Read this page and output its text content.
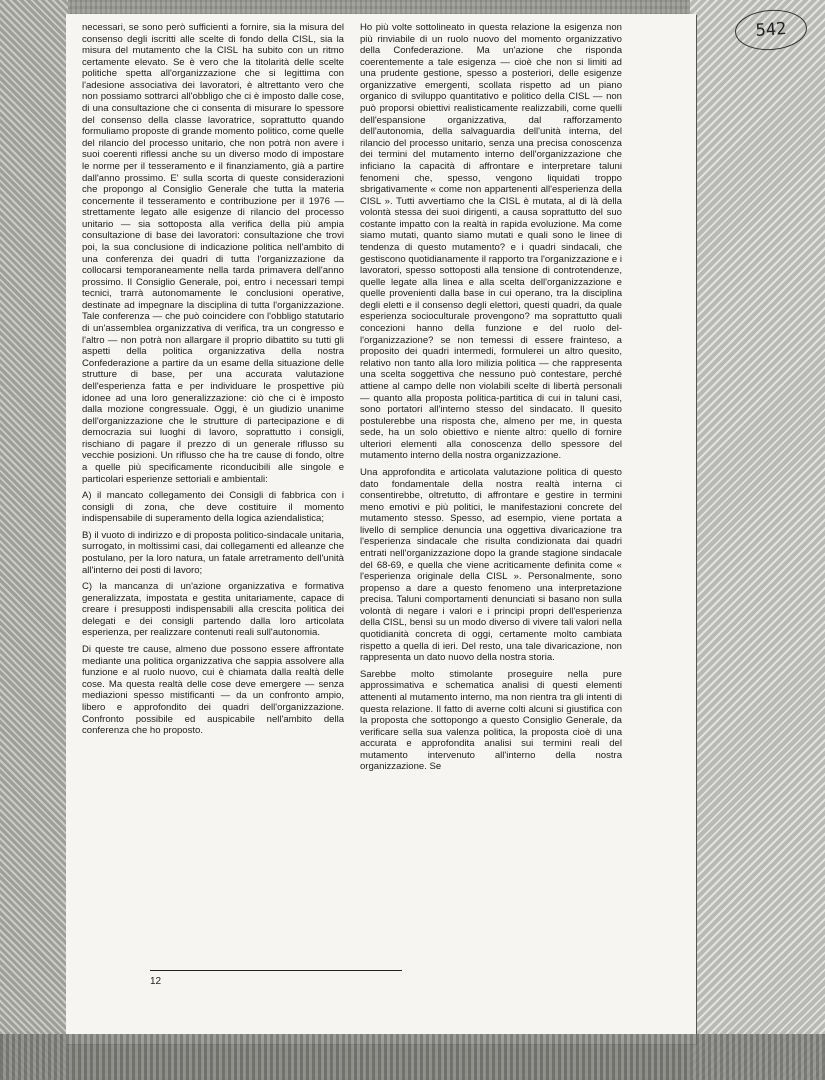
542

necessari, se sono però sufficienti a fornire, sia la misura del consenso degli iscritti alle scelte di fondo della CISL, sia la misura del mutamento che la CISL ha subito con un ritmo certamente elevato. Se è vero che la titolarità delle scelte politiche spetta all'organizzazione che si legittima con l'adesione associativa dei lavoratori, è altrettanto vero che non possiamo sottrarci all'obbligo che ci è imposto dalle cose, di una consultazione che ci consenta di misurare lo spessore del consenso della classe lavoratrice, soprattutto quando formuliamo proposte di grande momento politico, come quelle del rilancio del processo unitario, che non potrà non avere i suoi coerenti riflessi anche su un diverso modo di impostare le norme per il tesseramento e il finanziamento, già a partire dall'anno prossimo. E' sulla scorta di queste considerazioni che propongo al Consiglio Generale che tutta la materia concernente il tesseramento e contribuzione per il 1976 — strettamente legato alle esigenze di rilancio del processo unitario — sia sottoposta alla verifica della più ampia consultazione di base dei lavoratori: consultazione che trovi poi, la sua conclusione di indicazione politica nell'ambito di una conferenza dei quadri di tutta l'organizzazione da collocarsi temporaneamente nella tarda primavera dell'anno prossimo. Il Consiglio Generale, poi, entro i necessari tempi tecnici, trarrà autonomamente le conclusioni operative, destinate ad impegnare la disciplina di tutta l'organizzazione. Tale conferenza — che può coincidere con l'obbligo statutario di un'assemblea organizzativa di verifica, tra un congresso e l'altro — non potrà non allargare il proprio dibattito su tutti gli aspetti della politica organizzativa della nostra Confederazione a partire da un esame della situazione delle strutture di base, per una accurata valutazione dell'esperienza fatta e per individuare le prospettive più idonee ad una loro generalizzazione: ciò che ci è imposto dalla mozione congressuale. Oggi, è un giudizio unanime dell'organizzazione che le strutture di partecipazione e di democrazia sui luoghi di lavoro, soprattutto i consigli, rischiano di pagare il prezzo di un generale riflusso su vecchie posizioni. Un riflusso che ha tre cause di fondo, oltre a quelle più specificamente riconducibili alle singole e particolari esperienze settoriali e ambientali:

A) il mancato collegamento dei Consigli di fabbrica con i consigli di zona, che deve costituire il momento indispensabile di superamento della logica aziendalistica;

B) il vuoto di indirizzo e di proposta politico-sindacale unitaria, surrogato, in moltissimi casi, dai collegamenti ed alleanze che postulano, per la loro natura, un fatale arretramento dell'unità all'interno dei posti di lavoro;

C) la mancanza di un'azione organizzativa e formativa generalizzata, impostata e gestita unitariamente, capace di creare i presupposti indispensabili alla crescita politica dei delegati e dei consigli partendo dalla loro articolata esperienza, per realizzare contenuti reali sull'autonomia.

Di queste tre cause, almeno due possono essere affrontate mediante una politica organizzativa che sappia assolvere alla funzione e al ruolo nuovo, cui è chiamata dalla realtà delle cose. Ma questa realtà delle cose deve emergere — senza mediazioni spesso mistificanti — da un confronto ampio, libero e approfondito dei quadri dell'organizzazione. Confronto possibile ed auspicabile nell'ambito della conferenza che ho proposto.

Ho più volte sottolineato in questa relazione la esigenza non più rinviabile di un ruolo nuovo del momento organizzativo della Confederazione. Ma un'azione che risponda coerentemente a tale esigenza — cioè che non si limiti ad una prudente gestione, spesso a posteriori, delle esigenze organizzative emergenti, scollata rispetto ad un piano organico di sviluppo quantitativo e politico della CISL — non può proporsi obiettivi realisticamente realizzabili, come quelli dell'espansione organizzativa, dal rafforzamento dell'autonomia, della salvaguardia dell'unità interna, del rilancio del processo unitario, senza una precisa conoscenza dei termini del mutamento interno dell'organizzazione che inficiano la capacità di affrontare e interpretare taluni fenomeni che, spesso, vengono liquidati troppo sbrigativamente « come non appartenenti all'esperienza della CISL ». Tutti avvertiamo che la CISL è mutata, al di là della volontà stessa dei suoi dirigenti, a causa soprattutto del suo costante impatto con la realtà in rapida evoluzione. Ma come siamo mutati, quanto siamo mutati e quali sono le linee di tendenza di questo mutamento? e i quadri sindacali, che gestiscono quotidianamente il rapporto tra l'organizzazione e i lavoratori, spesso sottoposti alla tensione di controtendenze, quelle legate alla linea e alla scelta dell'organizzazione e quelle provenienti dalla base in cui operano, tra la disciplina degli eletti e il consenso degli elettori, questi quadri, da quale esperienza socioculturale provengono? ma soprattutto quali concezioni hanno della funzione e del ruolo del-l'organizzazione? se non temessi di essere frainteso, a proposito dei quadri intermedi, formulerei un altro quesito, relativo non tanto alla loro milizia politica — che rappresenta una scelta soggettiva che nessuno può contestare, perché attiene al campo delle non violabili scelte di libertà personali — quanto alla proposta politica-partitica di cui in taluni casi, sono portatori all'interno stesso del sindacato. Il quesito postulerebbe una risposta che, almeno per me, in questa sede, ha un solo obiettivo e niente altro: quello di fornire ulteriori elementi alla conoscenza dello spessore del mutamento interno della nostra organizzazione.

Una approfondita e articolata valutazione politica di questo dato fondamentale della nostra realtà interna ci consentirebbe, oltretutto, di affrontare e gestire in termini meno emotivi e più politici, le manifestazioni concrete del mutamento stesso. Spesso, ad esempio, viene portata a livello di semplice denuncia una oggettiva divaricazione tra l'esperienza sindacale che risulta condizionata dai quadri entrati nell'organizzazione dopo la grande stagione sindacale del 68-69, e quella che viene acriticamente definita come « l'esperienza originale della CISL ». Personalmente, sono propenso a dare a questo fenomeno una interpretazione precisa. Taluni comportamenti denunciati si basano non sulla volontà di negare i valori e i principi propri dell'esperienza della CISL, bensì su un modo diverso di vivere tali valori nella quotidianità concreta di oggi, certamente molto cambiata rispetto a quella di ieri. Del resto, una tale divaricazione, non rappresenta un dato nuovo della nostra storia.

Sarebbe molto stimolante proseguire nella pure approssimativa e schematica analisi di questi elementi attenenti al mutamento interno, ma non rientra tra gli intenti di questa relazione. Il fatto di averne colti alcuni si giustifica con la proposta che sottopongo a questo Consiglio Generale, da verificare sella sua valenza politica, la proposta cioè di una accurata e approfondita analisi sui termini reali del mutamento intervenuto all'interno della nostra organizzazione. Se

12
